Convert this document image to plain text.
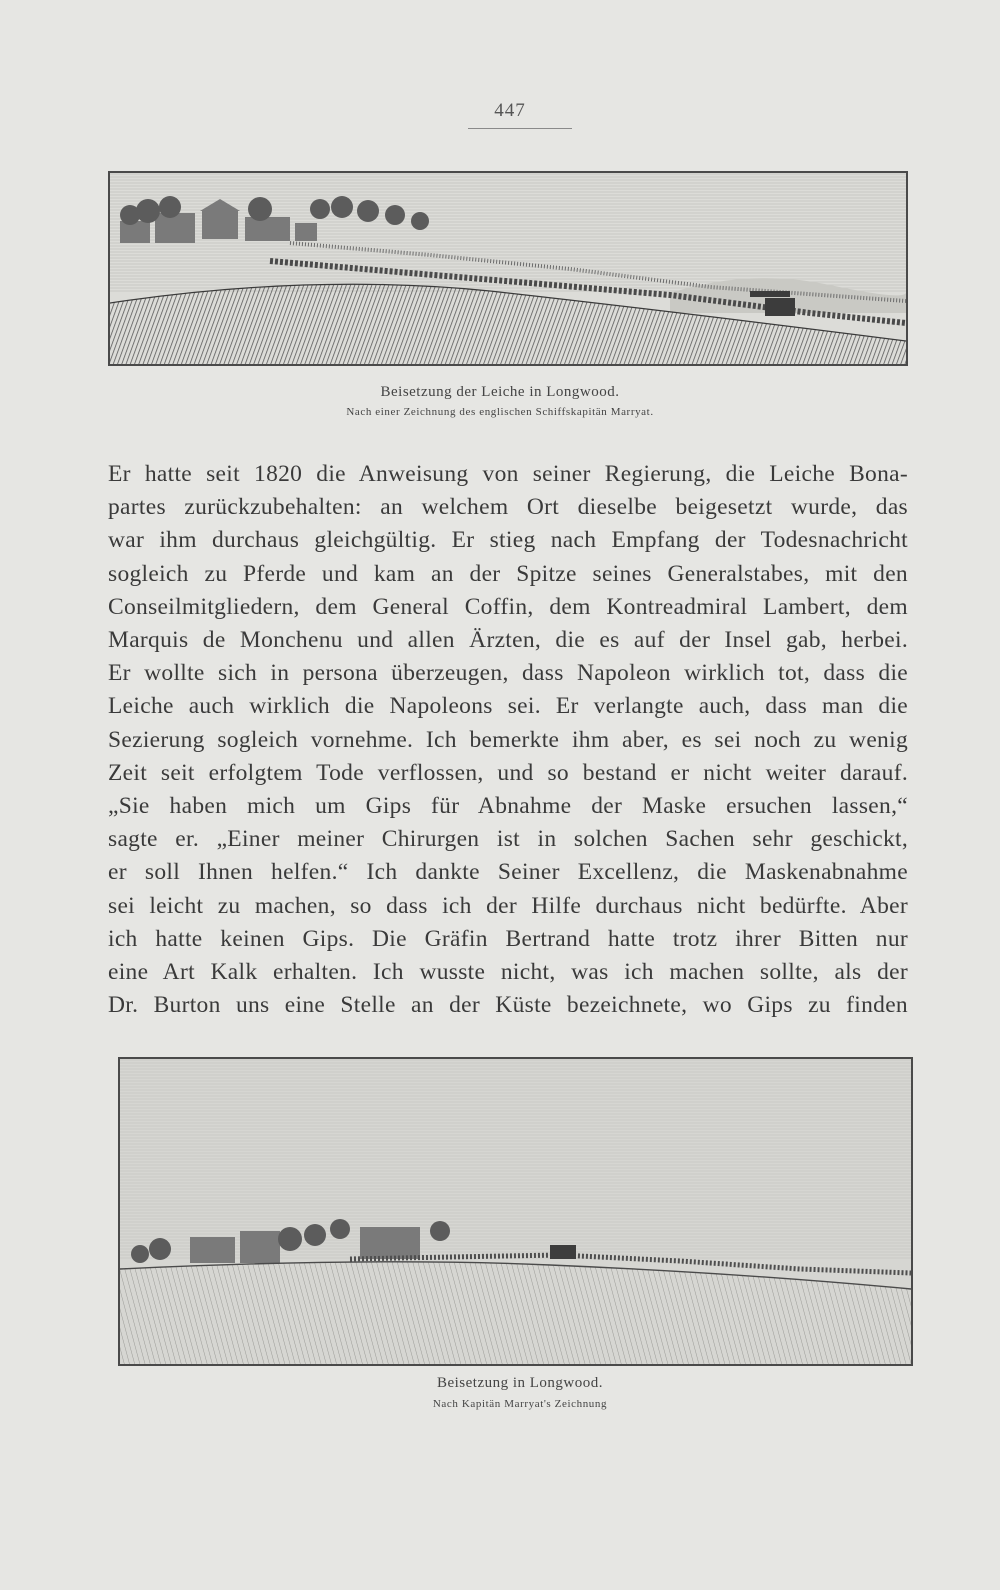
447
Beisetzung der Leiche in Longwood.
Nach einer Zeichnung des englischen Schiffskapitän Marryat.
Er hatte seit 1820 die Anweisung von seiner Regierung, die Leiche Bona-
partes zurückzubehalten: an welchem Ort dieselbe beigesetzt wurde, das
war ihm durchaus gleichgültig. Er stieg nach Empfang der Todesnachricht
sogleich zu Pferde und kam an der Spitze seines Generalstabes, mit den
Conseilmitgliedern, dem General Coffin, dem Kontreadmiral Lambert, dem
Marquis de Monchenu und allen Ärzten, die es auf der Insel gab, herbei.
Er wollte sich in persona überzeugen, dass Napoleon wirklich tot, dass die
Leiche auch wirklich die Napoleons sei. Er verlangte auch, dass man die
Sezierung sogleich vornehme. Ich bemerkte ihm aber, es sei noch zu wenig
Zeit seit erfolgtem Tode verflossen, und so bestand er nicht weiter darauf.
„Sie haben mich um Gips für Abnahme der Maske ersuchen lassen,“
sagte er. „Einer meiner Chirurgen ist in solchen Sachen sehr geschickt,
er soll Ihnen helfen.“ Ich dankte Seiner Excellenz, die Maskenabnahme
sei leicht zu machen, so dass ich der Hilfe durchaus nicht bedürfte. Aber
ich hatte keinen Gips. Die Gräfin Bertrand hatte trotz ihrer Bitten nur
eine Art Kalk erhalten. Ich wusste nicht, was ich machen sollte, als der
Dr. Burton uns eine Stelle an der Küste bezeichnete, wo Gips zu finden
Beisetzung in Longwood.
Nach Kapitän Marryat's Zeichnung
